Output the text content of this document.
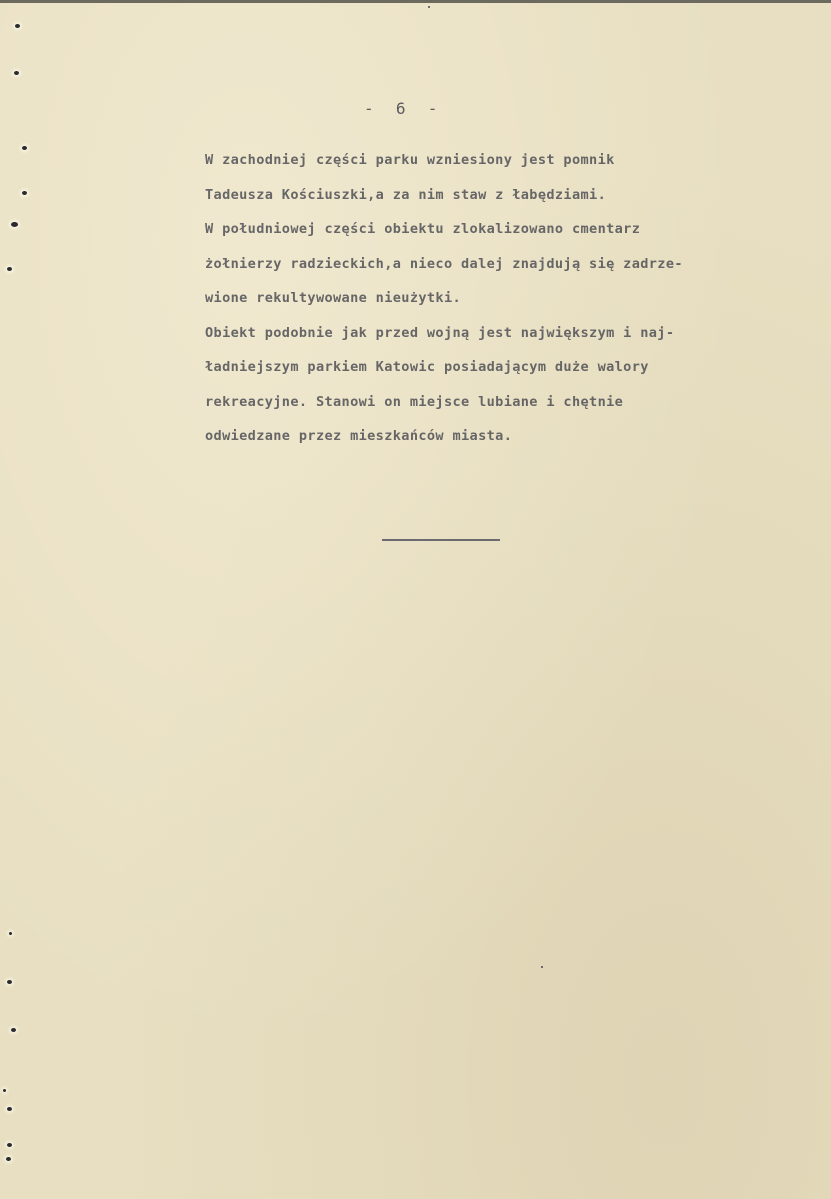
-  6  -
W zachodniej części parku wzniesiony jest pomnik
Tadeusza Kościuszki,a za nim staw z łabędziami.
W południowej części obiektu zlokalizowano cmentarz
żołnierzy radzieckich,a nieco dalej znajdują się zadrze-
wione rekultywowane nieużytki.
Obiekt podobnie jak przed wojną jest największym i naj-
ładniejszym parkiem Katowic posiadającym duże walory
rekreacyjne. Stanowi on miejsce lubiane i chętnie
odwiedzane przez mieszkańców miasta.
